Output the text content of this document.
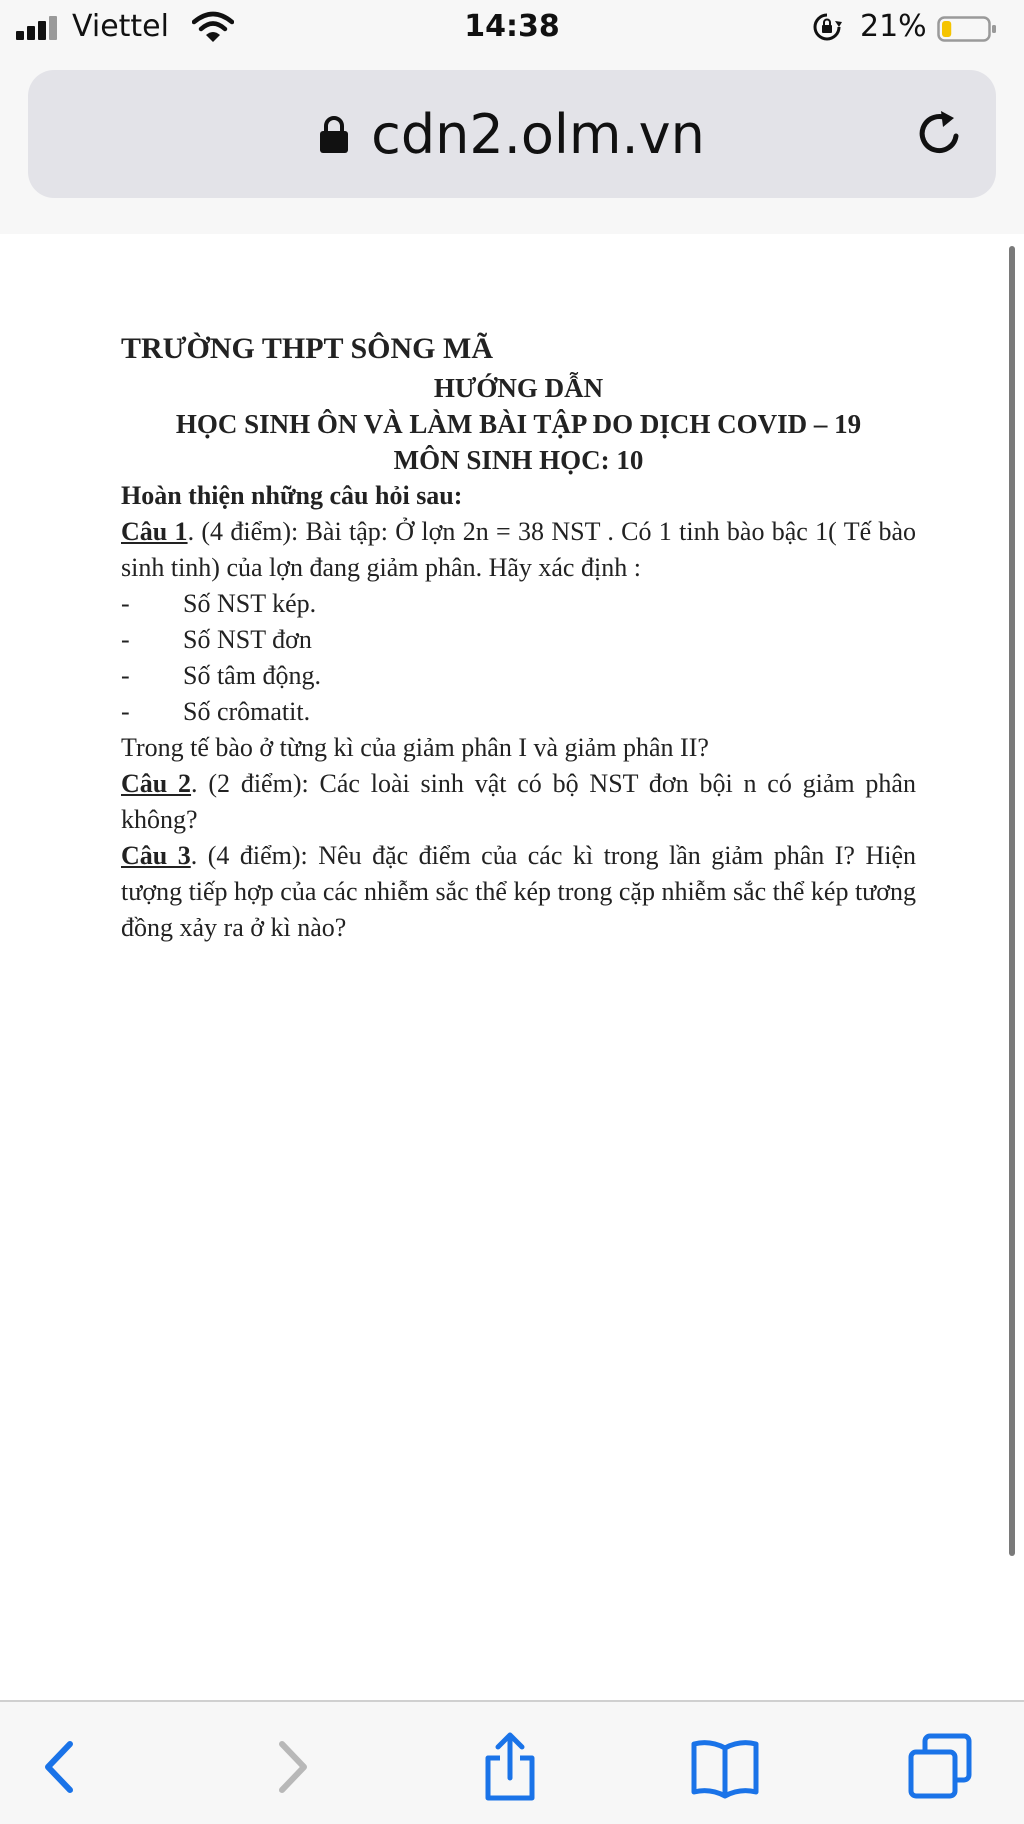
Viettel	14:38	21%
cdn2.olm.vn

TRƯỜNG THPT SÔNG MÃ

HƯỚNG DẪN

HỌC SINH ÔN VÀ LÀM BÀI TẬP DO DỊCH COVID – 19

MÔN SINH HỌC: 10

Hoàn thiện những câu hỏi sau:

Câu 1. (4 điểm): Bài tập: Ở lợn 2n = 38 NST . Có 1 tinh bào bậc 1( Tế bào sinh tinh) của lợn đang giảm phân. Hãy xác định :

-	Số NST kép.
-	Số NST đơn
-	Số tâm động.
-	Số crômatit.

Trong tế bào ở từng kì của giảm phân I và giảm phân II?

Câu 2. (2 điểm): Các loài sinh vật có bộ NST đơn bội n có giảm phân không?

Câu 3. (4 điểm): Nêu đặc điểm của các kì trong lần giảm phân I? Hiện tượng tiếp hợp của các nhiễm sắc thể kép trong cặp nhiễm sắc thể kép tương đồng xảy ra ở kì nào?
